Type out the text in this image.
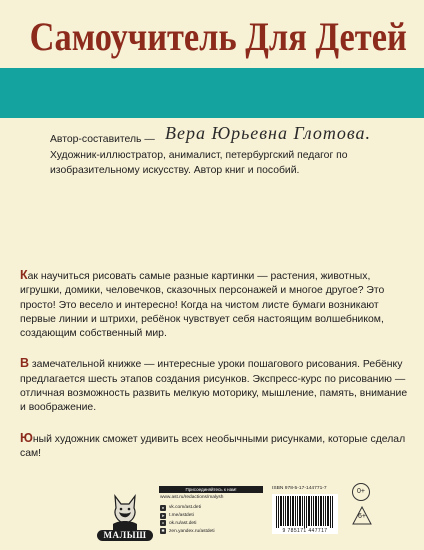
Самоучитель Для Детей
Автор-составитель — Вера Юрьевна Глотова.
Художник-иллюстратор, анималист, петербургский педагог по изобразительному искусству. Автор книг и пособий.

Как научиться рисовать самые разные картинки — растения, животных, игрушки, домики, человечков, сказочных персонажей и многое другое? Это просто! Это весело и интересно! Когда на чистом листе бумаги возникают первые линии и штрихи, ребёнок чувствует себя настоящим волшебником, создающим собственный мир.

В замечательной книжке — интересные уроки пошагового рисования. Ребёнку предлагается шесть этапов создания рисунков. Экспресс-курс по рисованию — отличная возможность развить мелкую моторику, мышление, память, внимание и воображение.

Юный художник сможет удивить всех необычными рисунками, которые сделал сам!

МАЛЫШ
Присоединяйтесь к нам!
www.ast.ru/redactions/malysh
в	vk.com/ast.deti
➤ t.me/astdeti
о	ok.ru/ast.deti
✱ zen.yandex.ru/astdeti
ISBN 978-5-17-144771-7
9 785171 447717
0+
6+
